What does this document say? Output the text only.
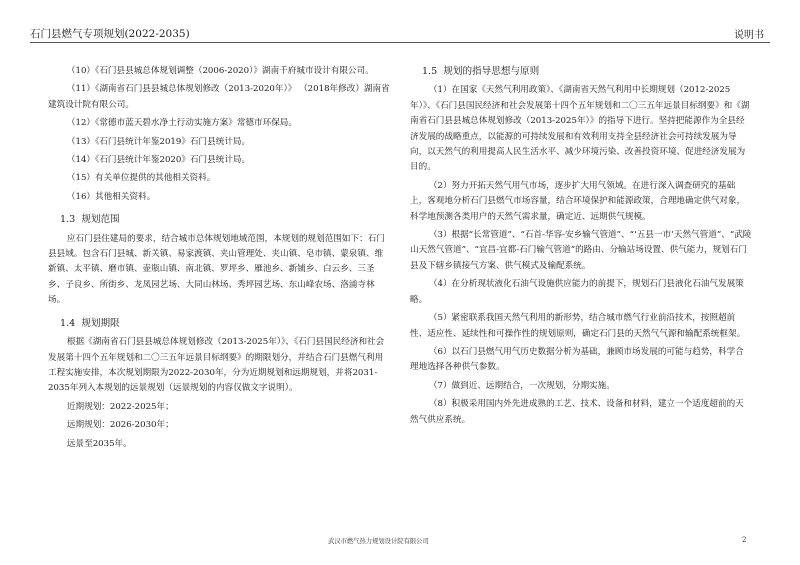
石门县燃气专项规划(2022-2035)	说明书

（10）《石门县县城总体规划调整（2006-2020）》湖南千府城市设计有限公司。

（11）《湖南省石门县县城总体规划修改（2013-2020年）》 （2018年修改）湖南省建筑设计院有限公司。

（12）《常德市蓝天碧水净土行动实施方案》常德市环保局。

（13）《石门县统计年鉴2019》石门县统计局。

（14）《石门县统计年鉴2020》石门县统计局。

（15）有关单位提供的其他相关资料。

（16）其他相关资料。

1.3 规划范围

应石门县住建局的要求，结合城市总体规划地域范围，本规划的规划范围如下：石门县县域。包含石门县城、新关镇、易家渡镇、夹山管理处、夹山镇、皂市镇、蒙泉镇、维新镇、太平镇、磨市镇、壶瓶山镇、南北镇、罗坪乡、雁池乡、新铺乡、白云乡、三圣乡、子良乡、所街乡、龙凤园艺场、大同山林场、秀坪园艺场、东山峰农场、洛浦寺林场。

1.4 规划期限

根据《湖南省石门县县城总体规划修改（2013-2025年）》、《石门县国民经济和社会发展第十四个五年规划和二〇三五年远景目标纲要》的期限划分，并结合石门县燃气利用工程实施安排，本次规划期限为2022-2030年，分为近期规划和远期规划，并将2031-2035年列入本规划的远景规划（远景规划的内容仅做文字说明）。

近期规划：2022-2025年；

远期规划：2026-2030年；

远景至2035年。

1.5 规划的指导思想与原则

（1）在国家《天然气利用政策》、《湖南省天然气利用中长期规划（2012-2025年）》、《石门县国民经济和社会发展第十四个五年规划和二〇三五年远景目标纲要》和《湖南省石门县县城总体规划修改（2013-2025年）》的指导下进行。坚持把能源作为全县经济发展的战略重点，以能源的可持续发展和有效利用支持全县经济社会可持续发展为导向，以天然气的利用提高人民生活水平、减少环境污染、改善投资环境、促进经济发展为目的。

（2）努力开拓天然气用气市场，逐步扩大用气领域。在进行深入调查研究的基础上，客观地分析石门县燃气市场容量，结合环境保护和能源政策，合理地确定供气对象，科学地预测各类用户的天然气需求量，确定近、远期供气规模。

（3）根据“长常管道”、“石首-华容-安乡输气管道”、“‘五县一市’天然气管道”、“武陵山天然气管道”、“宜昌-宜都-石门输气管道”的路由、分输站场设置、供气能力，规划石门县及下辖乡镇接气方案、供气模式及输配系统。

（4）在分析现状液化石油气设施供应能力的前提下，规划石门县液化石油气发展策略。

（5）紧密联系我国天然气利用的新形势，结合城市燃气行业前沿技术，按照超前性、适应性、延续性和可操作性的规划原则，确定石门县的天然气气源和输配系统框架。

（6）以石门县燃气用气历史数据分析为基础，兼顾市场发展的可能与趋势，科学合理地选择各种供气参数。

（7）做到近、远期结合，一次规划，分期实施。

（8）积极采用国内外先进成熟的工艺、技术、设备和材料，建立一个适度超前的天然气供应系统。

武汉市燃气热力规划设计院有限公司	2
